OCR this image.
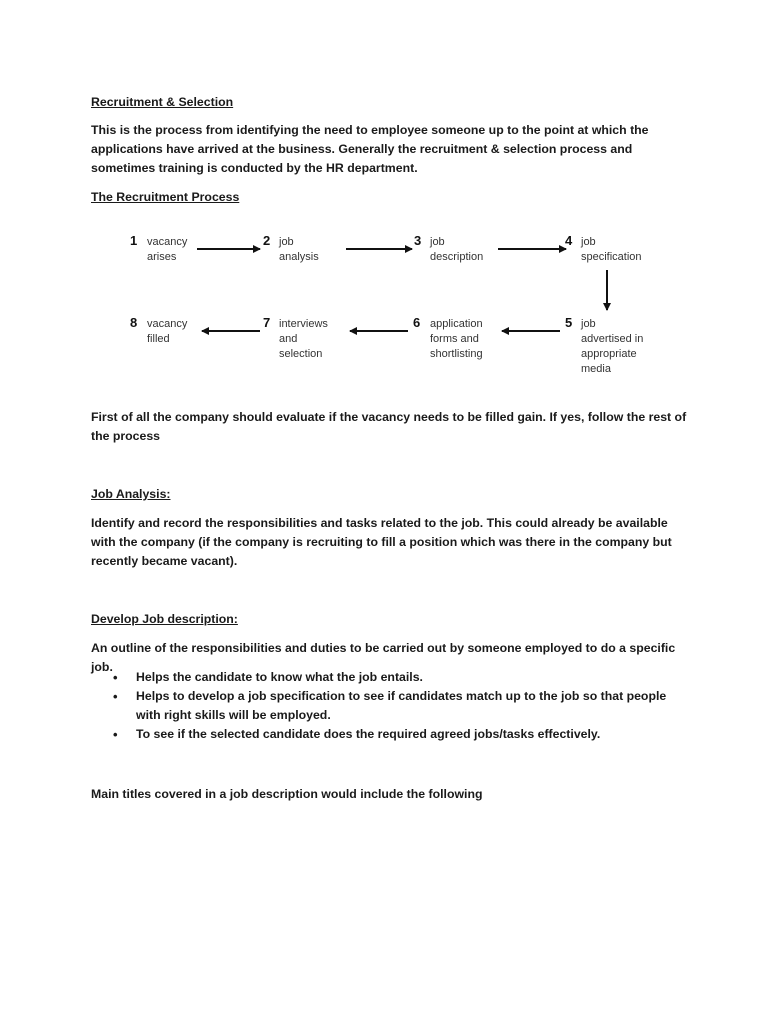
Recruitment & Selection

This is the process from identifying the need to employee someone up to the point at which the applications have arrived at the business. Generally the recruitment & selection process and sometimes training is conducted by the HR department.

The Recruitment Process

1 vacancy
arises
2 job
analysis
3 job
description
4 job
specification
5 job
advertised in
appropriate
media
6 application
forms and
shortlisting
7 interviews
and
selection
8 vacancy
filled

First of all the company should evaluate if the vacancy needs to be filled gain. If yes, follow the rest of the process

Job Analysis:

Identify and record the responsibilities and tasks related to the job. This could already be available with the company (if the company is recruiting to fill a position which was there in the company but recently became vacant).

Develop Job description:

An outline of the responsibilities and duties to be carried out by someone employed to do a specific job.

• Helps the candidate to know what the job entails.
• Helps to develop a job specification to see if candidates match up to the job so that people with right skills will be employed.
• To see if the selected candidate does the required agreed jobs/tasks effectively.

Main titles covered in a job description would include the following
